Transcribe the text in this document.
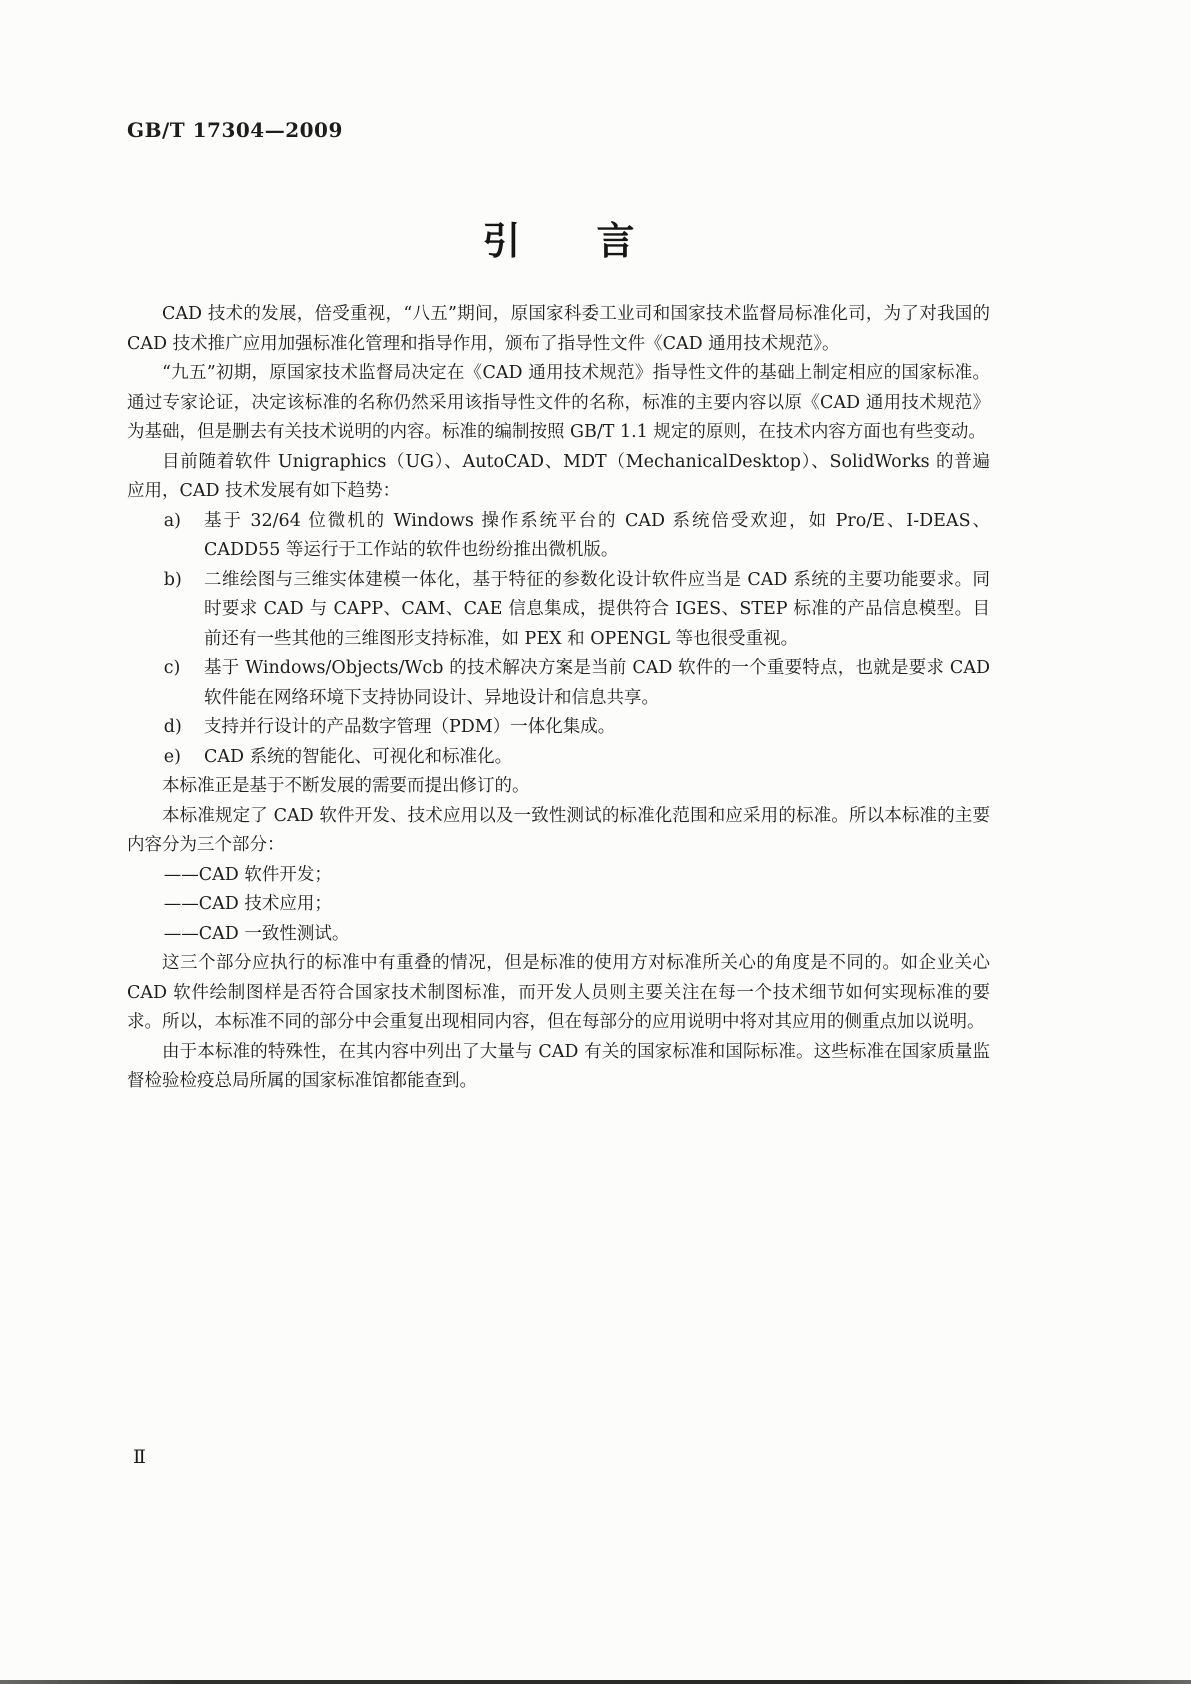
GB/T 17304—2009
引　　言

CAD 技术的发展，倍受重视，“八五”期间，原国家科委工业司和国家技术监督局标准化司，为了对我国的 CAD 技术推广应用加强标准化管理和指导作用，颁布了指导性文件《CAD 通用技术规范》。

“九五”初期，原国家技术监督局决定在《CAD 通用技术规范》指导性文件的基础上制定相应的国家标准。通过专家论证，决定该标准的名称仍然采用该指导性文件的名称，标准的主要内容以原《CAD 通用技术规范》为基础，但是删去有关技术说明的内容。标准的编制按照 GB/T 1.1 规定的原则，在技术内容方面也有些变动。

目前随着软件 Unigraphics（UG）、AutoCAD、MDT（MechanicalDesktop）、SolidWorks 的普遍应用，CAD 技术发展有如下趋势：

a) 基于 32/64 位微机的 Windows 操作系统平台的 CAD 系统倍受欢迎，如 Pro/E、I-DEAS、CADD55 等运行于工作站的软件也纷纷推出微机版。

b) 二维绘图与三维实体建模一体化，基于特征的参数化设计软件应当是 CAD 系统的主要功能要求。同时要求 CAD 与 CAPP、CAM、CAE 信息集成，提供符合 IGES、STEP 标准的产品信息模型。目前还有一些其他的三维图形支持标准，如 PEX 和 OPENGL 等也很受重视。

c) 基于 Windows/Objects/Wcb 的技术解决方案是当前 CAD 软件的一个重要特点，也就是要求 CAD 软件能在网络环境下支持协同设计、异地设计和信息共享。

d) 支持并行设计的产品数字管理（PDM）一体化集成。

e) CAD 系统的智能化、可视化和标准化。

本标准正是基于不断发展的需要而提出修订的。

本标准规定了 CAD 软件开发、技术应用以及一致性测试的标准化范围和应采用的标准。所以本标准的主要内容分为三个部分：

——CAD 软件开发；

——CAD 技术应用；

——CAD 一致性测试。

这三个部分应执行的标准中有重叠的情况，但是标准的使用方对标准所关心的角度是不同的。如企业关心 CAD 软件绘制图样是否符合国家技术制图标准，而开发人员则主要关注在每一个技术细节如何实现标准的要求。所以，本标准不同的部分中会重复出现相同内容，但在每部分的应用说明中将对其应用的侧重点加以说明。

由于本标准的特殊性，在其内容中列出了大量与 CAD 有关的国家标准和国际标准。这些标准在国家质量监督检验检疫总局所属的国家标准馆都能查到。

Ⅱ
